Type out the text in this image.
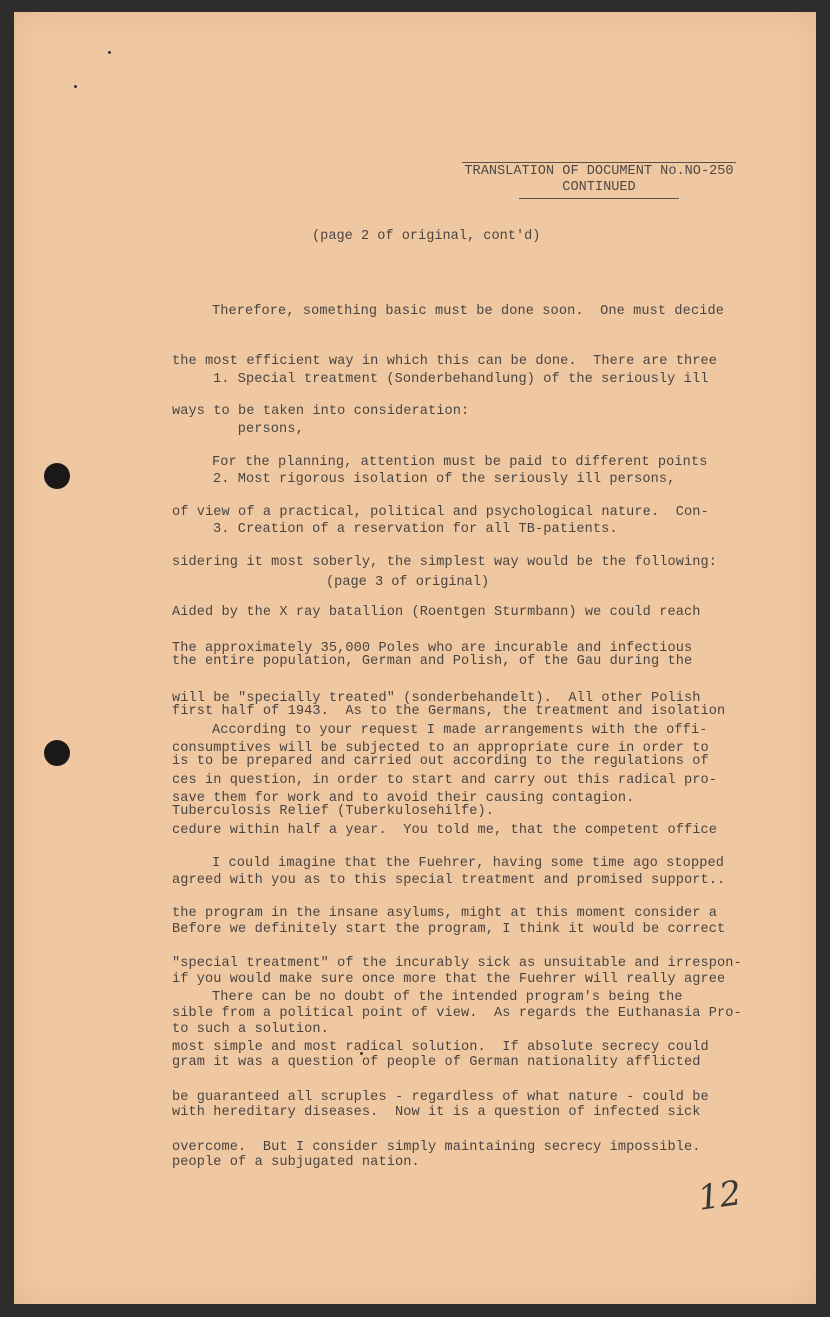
TRANSLATION OF DOCUMENT No.NO-250
CONTINUED
(page 2 of original, cont'd)

Therefore, something basic must be done soon.  One must decide

the most efficient way in which this can be done.  There are three

ways to be taken into consideration:

1. Special treatment (Sonderbehandlung) of the seriously ill

persons,

2. Most rigorous isolation of the seriously ill persons,

3. Creation of a reservation for all TB-patients.

For the planning, attention must be paid to different points

of view of a practical, political and psychological nature.  Con-

sidering it most soberly, the simplest way would be the following:

Aided by the X ray batallion (Roentgen Sturmbann) we could reach

the entire population, German and Polish, of the Gau during the

first half of 1943.  As to the Germans, the treatment and isolation

is to be prepared and carried out according to the regulations of

Tuberculosis Relief (Tuberkulosehilfe).

(page 3 of original)

The approximately 35,000 Poles who are incurable and infectious

will be "specially treated" (sonderbehandelt).  All other Polish

consumptives will be subjected to an appropriate cure in order to

save them for work and to avoid their causing contagion.

According to your request I made arrangements with the offi-

ces in question, in order to start and carry out this radical pro-

cedure within half a year.  You told me, that the competent office

agreed with you as to this special treatment and promised support..

Before we definitely start the program, I think it would be correct

if you would make sure once more that the Fuehrer will really agree

to such a solution.

I could imagine that the Fuehrer, having some time ago stopped

the program in the insane asylums, might at this moment consider a

"special treatment" of the incurably sick as unsuitable and irrespon-

sible from a political point of view.  As regards the Euthanasia Pro-

gram it was a question of people of German nationality afflicted

with hereditary diseases.  Now it is a question of infected sick

people of a subjugated nation.

There can be no doubt of the intended program's being the

most simple and most radical solution.  If absolute secrecy could

be guaranteed all scruples - regardless of what nature - could be

overcome.  But I consider simply maintaining secrecy impossible.

12
